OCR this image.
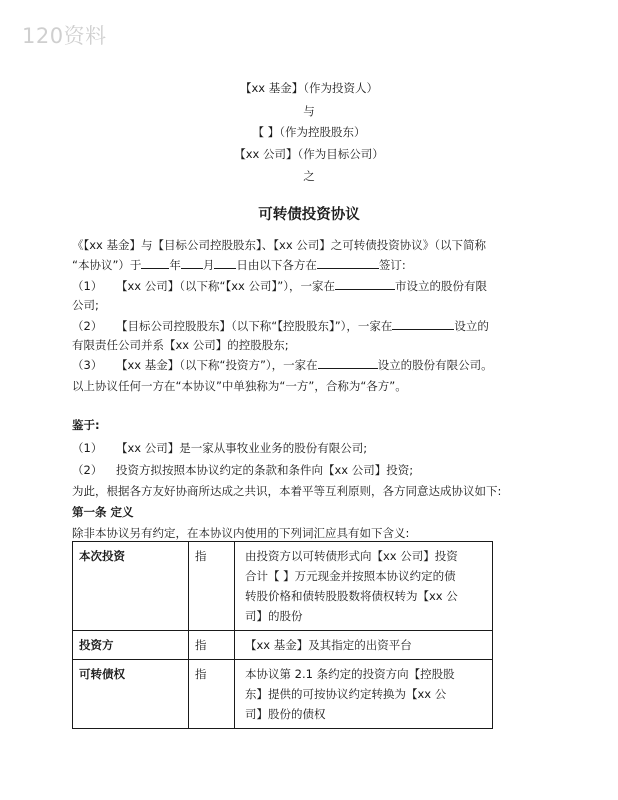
120资料
【xx 基金】（作为投资人）
与
【 】（作为控股股东）
【xx 公司】（作为目标公司）
之
可转债投资协议
《【xx 基金】与【目标公司控股股东】、【xx 公司】之可转债投资协议》（以下简称
“本协议”）于 年 月 日由以下各方在	签订:
（1） 【xx 公司】（以下称“【xx 公司】”），一家在	市设立的股份有限
公司;
（2） 【目标公司控股股东】（以下称“【控股股东】”），一家在	设立的
有限责任公司并系【xx 公司】的控股股东;
（3） 【xx 基金】（以下称“投资方”），一家在	设立的股份有限公司。
以上协议任何一方在“本协议”中单独称为“一方”，合称为“各方”。
鉴于:
（1） 【xx 公司】是一家从事牧业业务的股份有限公司;
（2） 投资方拟按照本协议约定的条款和条件向【xx 公司】投资;
为此，根据各方友好协商所达成之共识，本着平等互利原则，各方同意达成协议如下:
第一条 定义
除非本协议另有约定，在本协议内使用的下列词汇应具有如下含义:
本次投资	指	由投资方以可转债形式向【xx 公司】投资
合计【 】万元现金并按照本协议约定的债
转股价格和债转股股数将债权转为【xx 公
司】的股份

投资方	指	【xx 基金】及其指定的出资平台

可转债权	指	本协议第 2.1 条约定的投资方向【控股股
东】提供的可按协议约定转换为【xx 公
司】股份的债权
